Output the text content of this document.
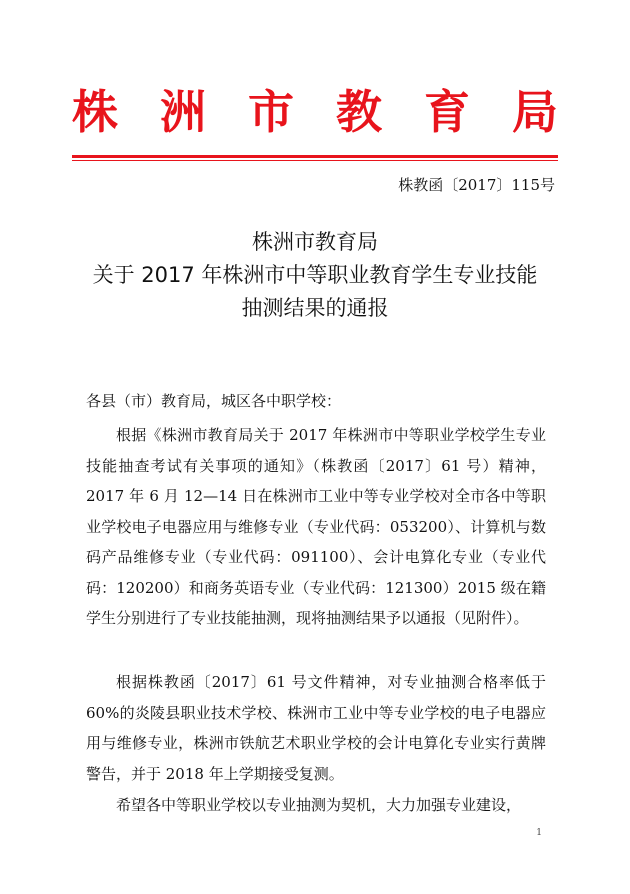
株洲市教育局
株教函〔2017〕115号
株洲市教育局
关于 2017 年株洲市中等职业教育学生专业技能
抽测结果的通报
各县（市）教育局，城区各中职学校：
根据《株洲市教育局关于 2017 年株洲市中等职业学校学生专业技能抽查考试有关事项的通知》（株教函〔2017〕61 号）精神，2017 年 6 月 12—14 日在株洲市工业中等专业学校对全市各中等职业学校电子电器应用与维修专业（专业代码：053200）、计算机与数码产品维修专业（专业代码：091100）、会计电算化专业（专业代码：120200）和商务英语专业（专业代码：121300）2015 级在籍学生分别进行了专业技能抽测，现将抽测结果予以通报（见附件）。
根据株教函〔2017〕61 号文件精神，对专业抽测合格率低于 60%的炎陵县职业技术学校、株洲市工业中等专业学校的电子电器应用与维修专业，株洲市铁航艺术职业学校的会计电算化专业实行黄牌警告，并于 2018 年上学期接受复测。
希望各中等职业学校以专业抽测为契机，大力加强专业建设，
1
